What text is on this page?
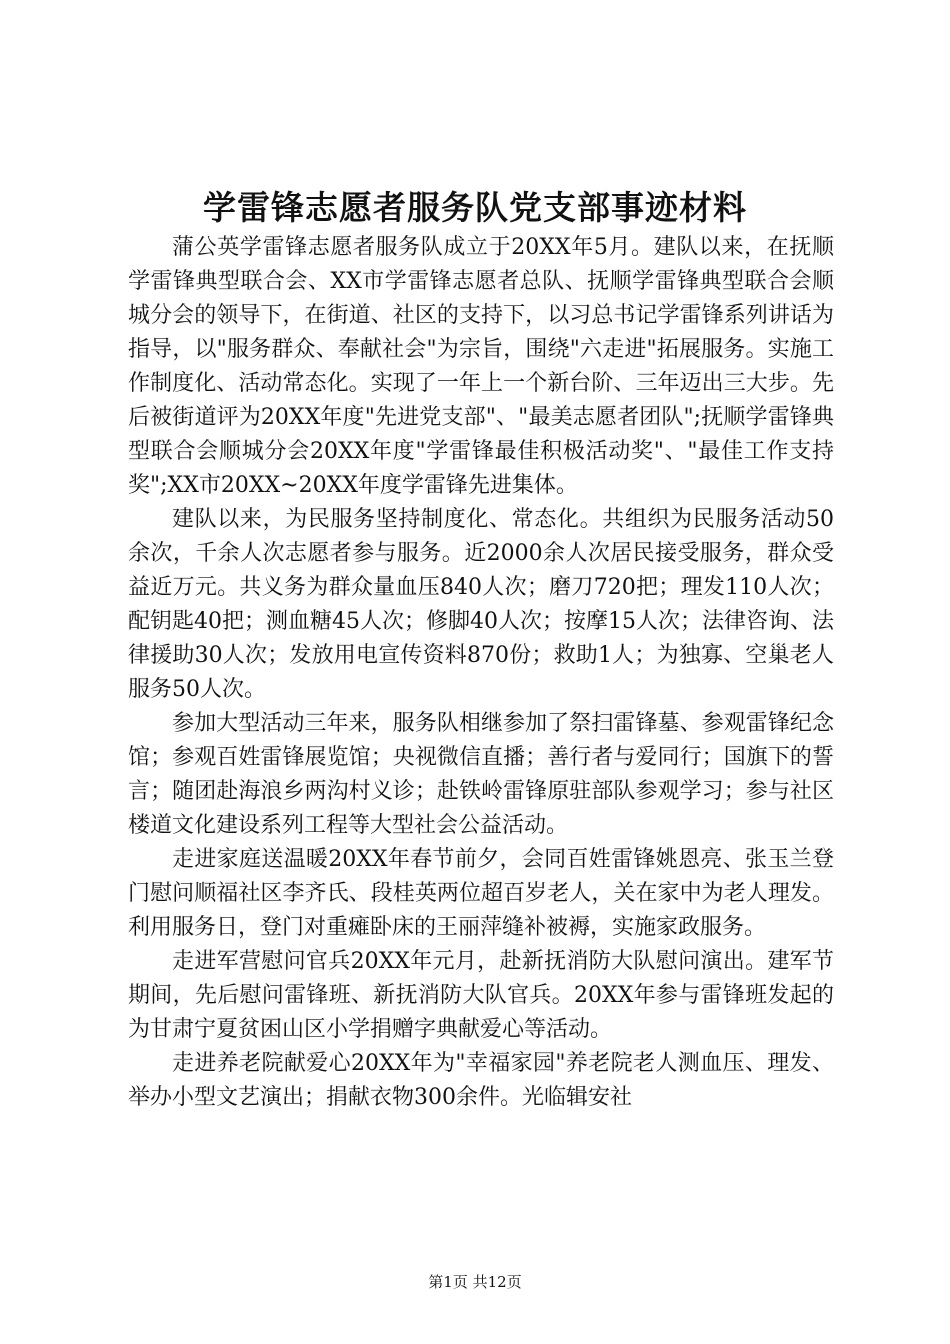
学雷锋志愿者服务队党支部事迹材料

蒲公英学雷锋志愿者服务队成立于20XX年5月。建队以来，在抚顺学雷锋典型联合会、XX市学雷锋志愿者总队、抚顺学雷锋典型联合会顺城分会的领导下，在街道、社区的支持下，以习总书记学雷锋系列讲话为指导，以"服务群众、奉献社会"为宗旨，围绕"六走进"拓展服务。实施工作制度化、活动常态化。实现了一年上一个新台阶、三年迈出三大步。先后被街道评为20XX年度"先进党支部"、"最美志愿者团队";抚顺学雷锋典型联合会顺城分会20XX年度"学雷锋最佳积极活动奖"、"最佳工作支持奖";XX市20XX~20XX年度学雷锋先进集体。

建队以来，为民服务坚持制度化、常态化。共组织为民服务活动50余次，千余人次志愿者参与服务。近2000余人次居民接受服务，群众受益近万元。共义务为群众量血压840人次；磨刀720把；理发110人次；配钥匙40把；测血糖45人次；修脚40人次；按摩15人次；法律咨询、法律援助30人次；发放用电宣传资料870份；救助1人；为独寡、空巢老人服务50人次。

参加大型活动三年来，服务队相继参加了祭扫雷锋墓、参观雷锋纪念馆；参观百姓雷锋展览馆；央视微信直播；善行者与爱同行；国旗下的誓言；随团赴海浪乡两沟村义诊；赴铁岭雷锋原驻部队参观学习；参与社区楼道文化建设系列工程等大型社会公益活动。

走进家庭送温暖20XX年春节前夕，会同百姓雷锋姚恩亮、张玉兰登门慰问顺福社区李齐氏、段桂英两位超百岁老人，关在家中为老人理发。利用服务日，登门对重瘫卧床的王丽萍缝补被褥，实施家政服务。

走进军营慰问官兵20XX年元月，赴新抚消防大队慰问演出。建军节期间，先后慰问雷锋班、新抚消防大队官兵。20XX年参与雷锋班发起的为甘肃宁夏贫困山区小学捐赠字典献爱心等活动。

走进养老院献爱心20XX年为"幸福家园"养老院老人测血压、理发、举办小型文艺演出；捐献衣物300余件。光临辑安社

第1页 共12页
